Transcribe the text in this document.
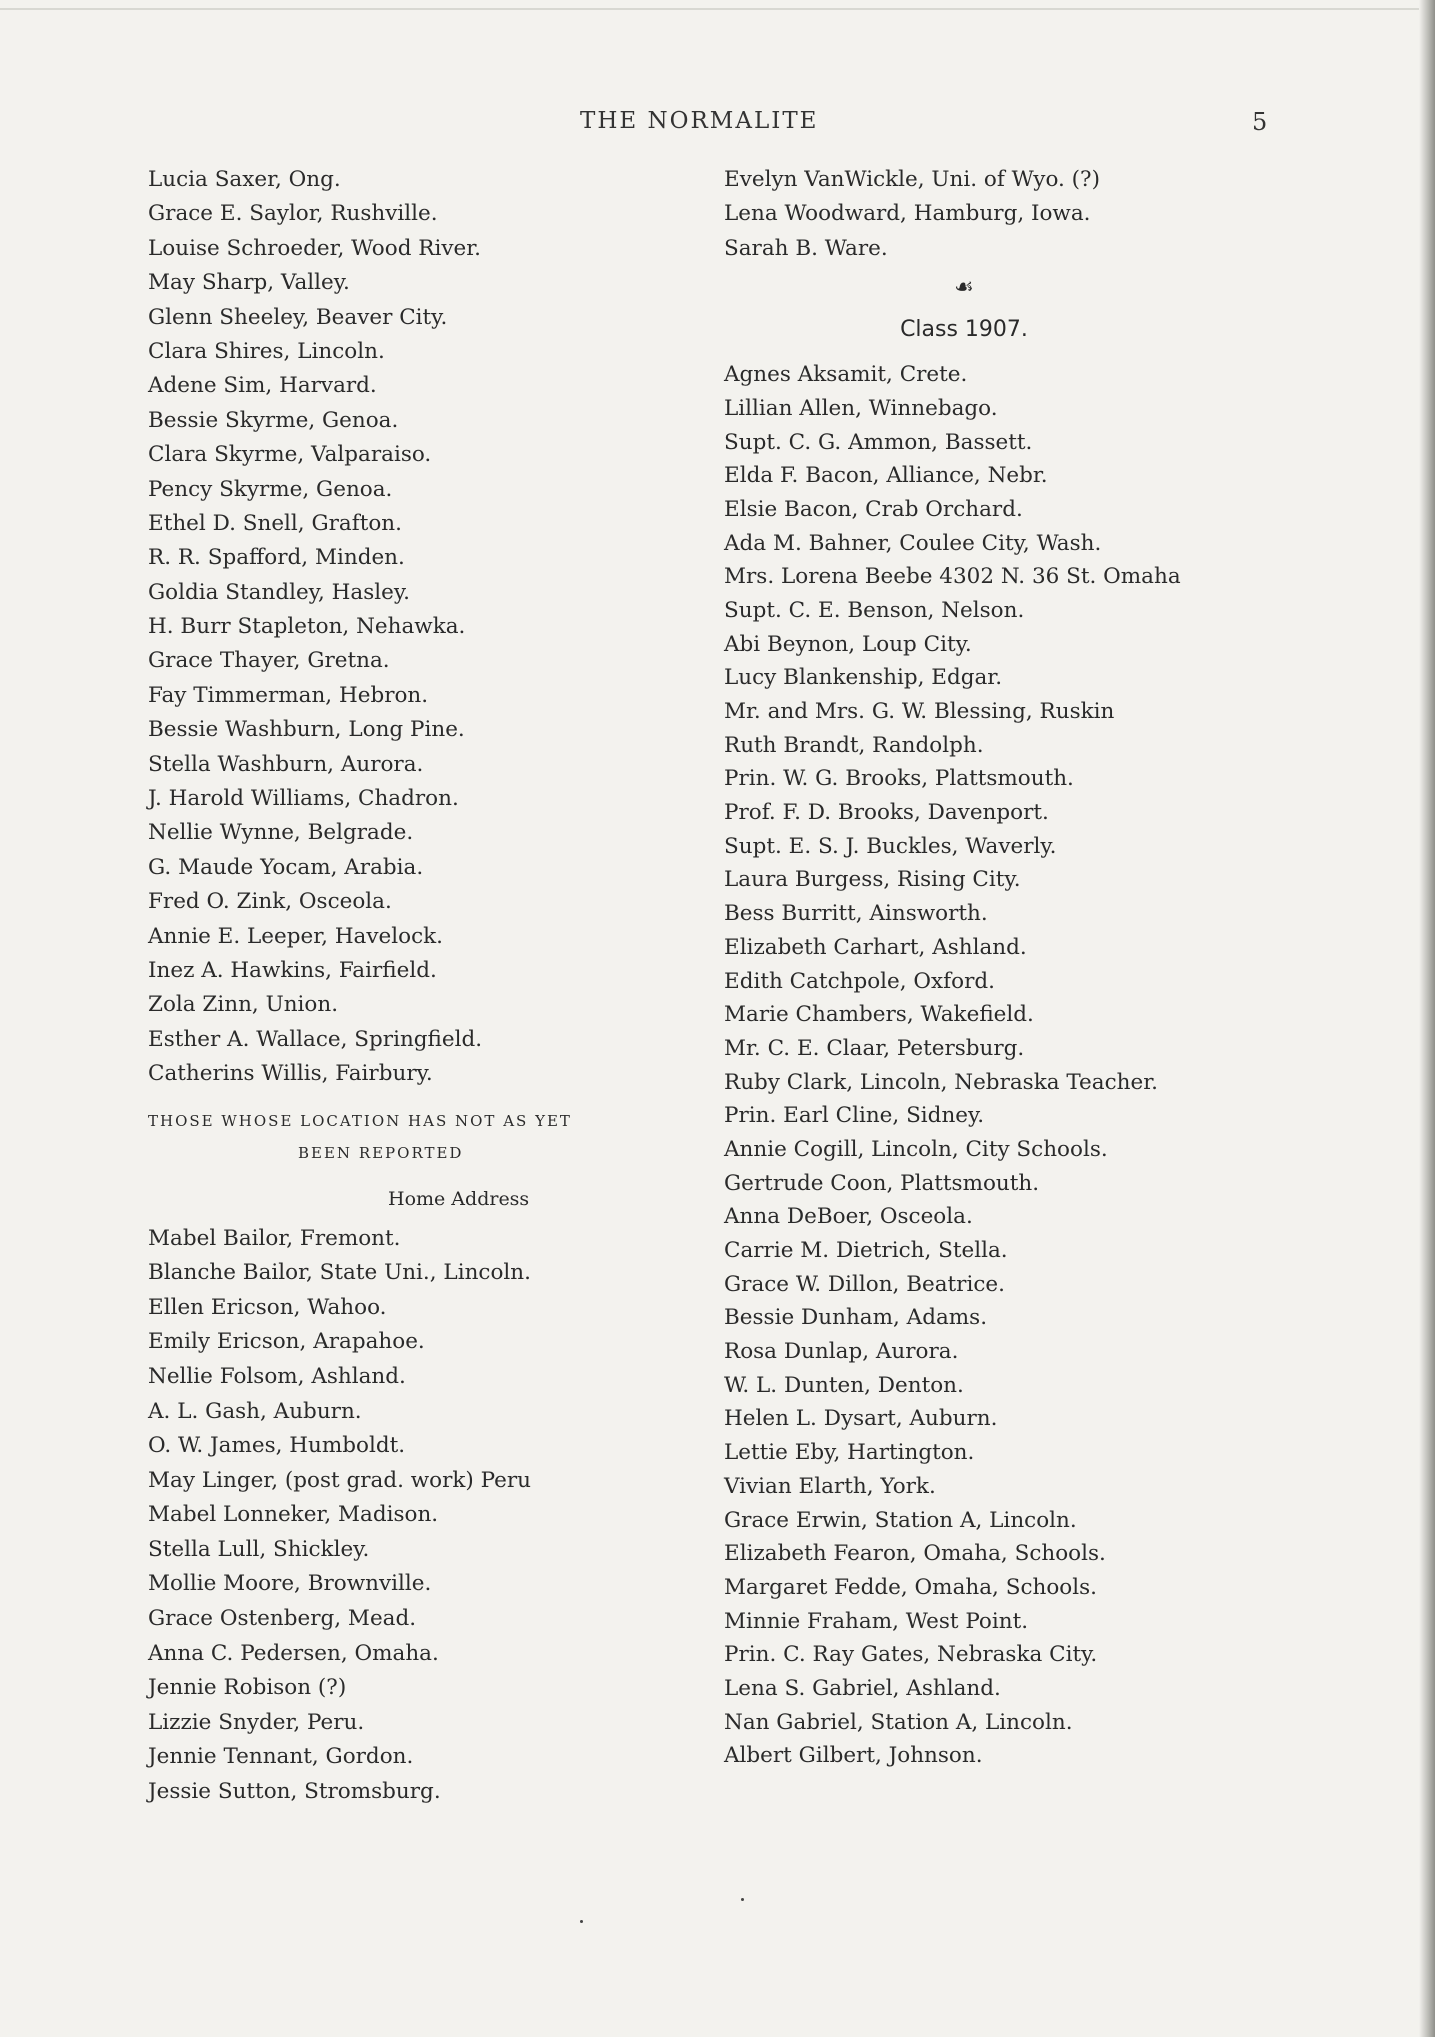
THE NORMALITE	5
Lucia Saxer, Ong.
Grace E. Saylor, Rushville.
Louise Schroeder, Wood River.
May Sharp, Valley.
Glenn Sheeley, Beaver City.
Clara Shires, Lincoln.
Adene Sim, Harvard.
Bessie Skyrme, Genoa.
Clara Skyrme, Valparaiso.
Pency Skyrme, Genoa.
Ethel D. Snell, Grafton.
R. R. Spafford, Minden.
Goldia Standley, Hasley.
H. Burr Stapleton, Nehawka.
Grace Thayer, Gretna.
Fay Timmerman, Hebron.
Bessie Washburn, Long Pine.
Stella Washburn, Aurora.
J. Harold Williams, Chadron.
Nellie Wynne, Belgrade.
G. Maude Yocam, Arabia.
Fred O. Zink, Osceola.
Annie E. Leeper, Havelock.
Inez A. Hawkins, Fairfield.
Zola Zinn, Union.
Esther A. Wallace, Springfield.
Catherins Willis, Fairbury.
THOSE WHOSE LOCATION HAS NOT AS YET
BEEN REPORTED
Home Address
Mabel Bailor, Fremont.
Blanche Bailor, State Uni., Lincoln.
Ellen Ericson, Wahoo.
Emily Ericson, Arapahoe.
Nellie Folsom, Ashland.
A. L. Gash, Auburn.
O. W. James, Humboldt.
May Linger, (post grad. work) Peru
Mabel Lonneker, Madison.
Stella Lull, Shickley.
Mollie Moore, Brownville.
Grace Ostenberg, Mead.
Anna C. Pedersen, Omaha.
Jennie Robison (?)
Lizzie Snyder, Peru.
Jennie Tennant, Gordon.
Jessie Sutton, Stromsburg.
Evelyn VanWickle, Uni. of Wyo. (?)
Lena Woodward, Hamburg, Iowa.
Sarah B. Ware.
☙
Class 1907.
Agnes Aksamit, Crete.
Lillian Allen, Winnebago.
Supt. C. G. Ammon, Bassett.
Elda F. Bacon, Alliance, Nebr.
Elsie Bacon, Crab Orchard.
Ada M. Bahner, Coulee City, Wash.
Mrs. Lorena Beebe 4302 N. 36 St. Omaha
Supt. C. E. Benson, Nelson.
Abi Beynon, Loup City.
Lucy Blankenship, Edgar.
Mr. and Mrs. G. W. Blessing, Ruskin
Ruth Brandt, Randolph.
Prin. W. G. Brooks, Plattsmouth.
Prof. F. D. Brooks, Davenport.
Supt. E. S. J. Buckles, Waverly.
Laura Burgess, Rising City.
Bess Burritt, Ainsworth.
Elizabeth Carhart, Ashland.
Edith Catchpole, Oxford.
Marie Chambers, Wakefield.
Mr. C. E. Claar, Petersburg.
Ruby Clark, Lincoln, Nebraska Teacher.
Prin. Earl Cline, Sidney.
Annie Cogill, Lincoln, City Schools.
Gertrude Coon, Plattsmouth.
Anna DeBoer, Osceola.
Carrie M. Dietrich, Stella.
Grace W. Dillon, Beatrice.
Bessie Dunham, Adams.
Rosa Dunlap, Aurora.
W. L. Dunten, Denton.
Helen L. Dysart, Auburn.
Lettie Eby, Hartington.
Vivian Elarth, York.
Grace Erwin, Station A, Lincoln.
Elizabeth Fearon, Omaha, Schools.
Margaret Fedde, Omaha, Schools.
Minnie Fraham, West Point.
Prin. C. Ray Gates, Nebraska City.
Lena S. Gabriel, Ashland.
Nan Gabriel, Station A, Lincoln.
Albert Gilbert, Johnson.
